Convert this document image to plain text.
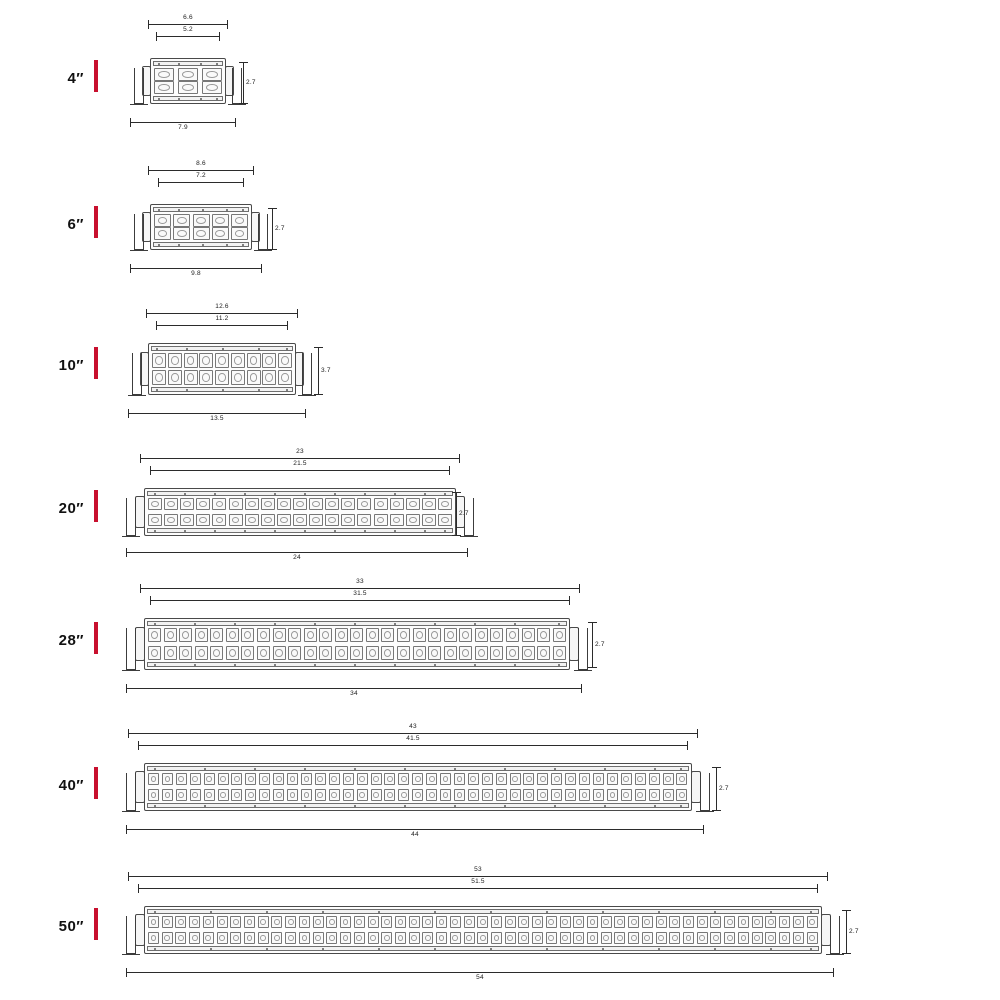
4″
6.6
5.2
2.7
7.9
6″
8.6
7.2
2.7
9.8
10″
12.6
11.2
3.7
13.5
20″
23
21.5
2.7
24
28″
33
31.5
2.7
34
40″
43
41.5
2.7
44
50″
53
51.5
2.7
54
